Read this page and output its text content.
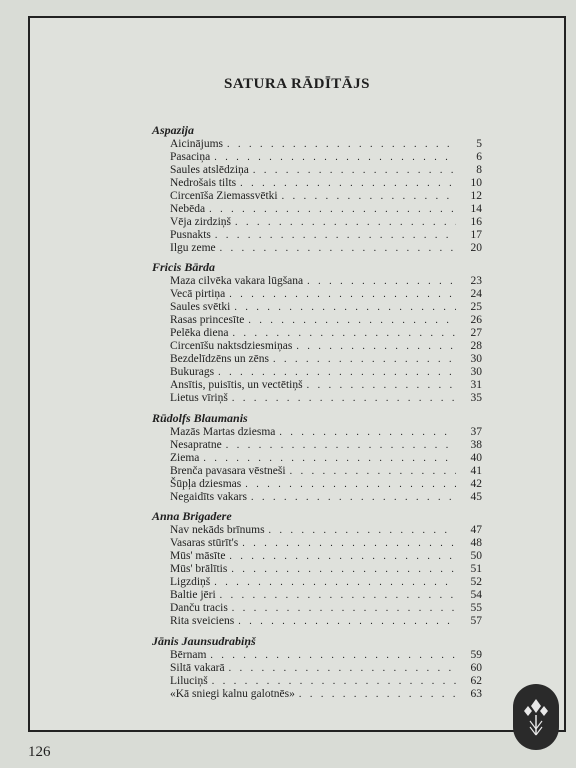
SATURA RĀDĪTĀJS
Aspazija
Aicinājums . . .	5
Pasaciņa . . .	6
Saules atslēdziņa . . .	8
Nedrošais tilts . . .	10
Circenīša Ziemassvētki . . .	12
Nebēda . . .	14
Vēja zirdziņš . . .	16
Pusnakts . . .	17
Ilgu zeme . . .	20
Fricis Bārda
Maza cilvēka vakara lūgšana . . .	23
Vecā pirtiņa . . .	24
Saules svētki . . .	25
Rasas princesīte . . .	26
Pelēka diena . . .	27
Circenīšu naktsdziesmiņas . . .	28
Bezdelīdzēns un zēns . . .	30
Bukurags . . .	30
Ansītis, puisītis, un vectētiņš . . .	31
Lietus vīriņš . . .	35
Rūdolfs Blaumanis
Mazās Martas dziesma . . .	37
Nesapratne . . .	38
Ziema . . .	40
Brenča pavasara vēstneši . . .	41
Šūpļa dziesmas . . .	42
Negaidīts vakars . . .	45
Anna Brigadere
Nav nekāds brīnums . . .	47
Vasaras stūrīt's . . .	48
Mūs' māsīte . . .	50
Mūs' brālītis . . .	51
Ligzdiņš . . .	52
Baltie jēri . . .	54
Danču tracis . . .	55
Rita sveiciens . . .	57
Jānis Jaunsudrabiņš
Bērnam . . .	59
Siltā vakarā . . .	60
Liluciņš . . .	62
«Kā sniegi kalnu galotnēs» . . .	63
126
